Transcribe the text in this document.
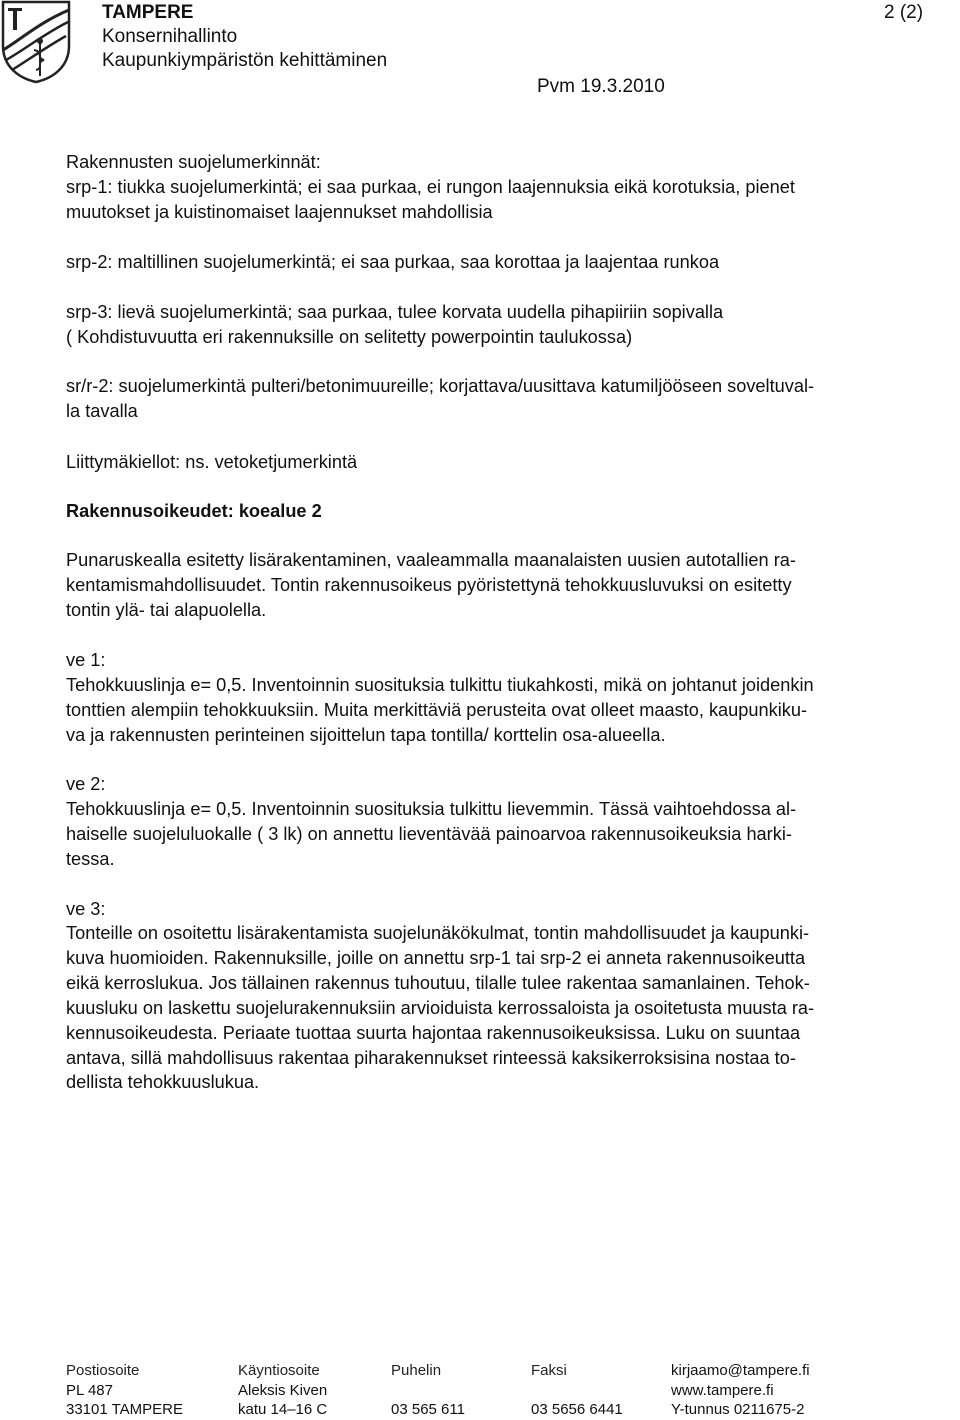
TAMPERE
Konsernihallinto
Kaupunkiympäristön kehittäminen
2 (2)
Pvm 19.3.2010
Rakennusten suojelumerkinnät:
srp-1: tiukka suojelumerkintä; ei saa purkaa, ei rungon laajennuksia eikä korotuksia, pienet
muutokset ja kuistinomaiset laajennukset mahdollisia
srp-2: maltillinen suojelumerkintä; ei saa purkaa, saa korottaa ja laajentaa runkoa
srp-3: lievä suojelumerkintä; saa purkaa, tulee korvata uudella pihapiiriin sopivalla
( Kohdistuvuutta eri rakennuksille on selitetty powerpointin taulukossa)
sr/r-2: suojelumerkintä pulteri/betonimuureille; korjattava/uusittava katumiljööseen soveltuval-
la tavalla
Liittymäkiellot: ns. vetoketjumerkintä
Rakennusoikeudet: koealue 2
Punaruskealla esitetty lisärakentaminen, vaaleammalla maanalaisten uusien autotallien ra-
kentamismahdollisuudet. Tontin rakennusoikeus pyöristettynä tehokkuusluvuksi on esitetty
tontin ylä- tai alapuolella.
ve 1:
Tehokkuuslinja e= 0,5. Inventoinnin suosituksia tulkittu tiukahkosti, mikä on johtanut joidenkin
tonttien alempiin tehokkuuksiin. Muita merkittäviä perusteita ovat olleet maasto, kaupunkiku-
va ja rakennusten perinteinen sijoittelun tapa tontilla/ korttelin osa-alueella.
ve 2:
Tehokkuuslinja e= 0,5. Inventoinnin suosituksia tulkittu lievemmin. Tässä vaihtoehdossa al-
haiselle suojeluluokalle ( 3 lk) on annettu lieventävää painoarvoa rakennusoikeuksia harki-
tessa.
ve 3:
Tonteille on osoitettu lisärakentamista suojelunäkökulmat, tontin mahdollisuudet ja kaupunki-
kuva huomioiden. Rakennuksille, joille on annettu srp-1 tai srp-2 ei anneta rakennusoikeutta
eikä kerroslukua. Jos tällainen rakennus tuhoutuu, tilalle tulee rakentaa samanlainen. Tehok-
kuusluku on laskettu suojelurakennuksiin arvioiduista kerrossaloista ja osoitetusta muusta ra-
kennusoikeudesta. Periaate tuottaa suurta hajontaa rakennusoikeuksissa. Luku on suuntaa
antava, sillä mahdollisuus rakentaa piharakennukset rinteessä kaksikerroksisina nostaa to-
dellista tehokkuuslukua.
Postiosoite
PL 487
33101 TAMPERE
Käyntiosoite
Aleksis Kiven
katu 14–16 C
Puhelin
03 565 611
Faksi
03 5656 6441
kirjaamo@tampere.fi
www.tampere.fi
Y-tunnus 0211675-2
